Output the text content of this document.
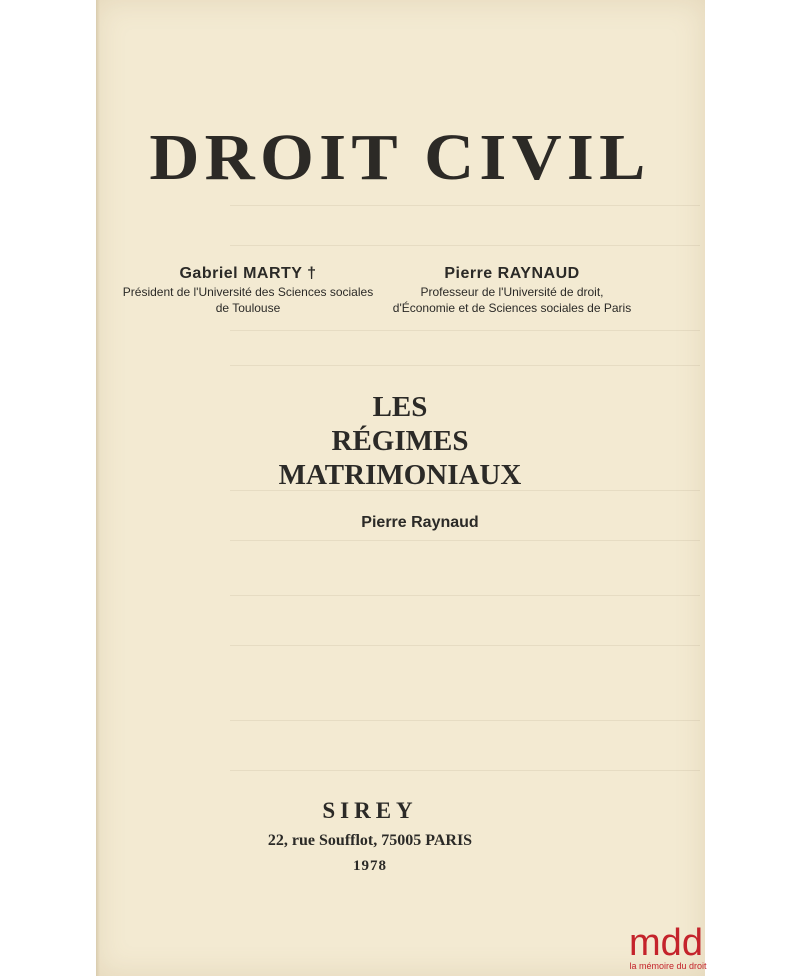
DROIT CIVIL
Gabriel MARTY †
Président de l'Université des Sciences sociales
de Toulouse
Pierre RAYNAUD
Professeur de l'Université de droit,
d'Économie et de Sciences sociales de Paris
LES
RÉGIMES
MATRIMONIAUX
Pierre Raynaud
SIREY
22, rue Soufflot, 75005 PARIS
1978
mdd
la mémoire du droit
